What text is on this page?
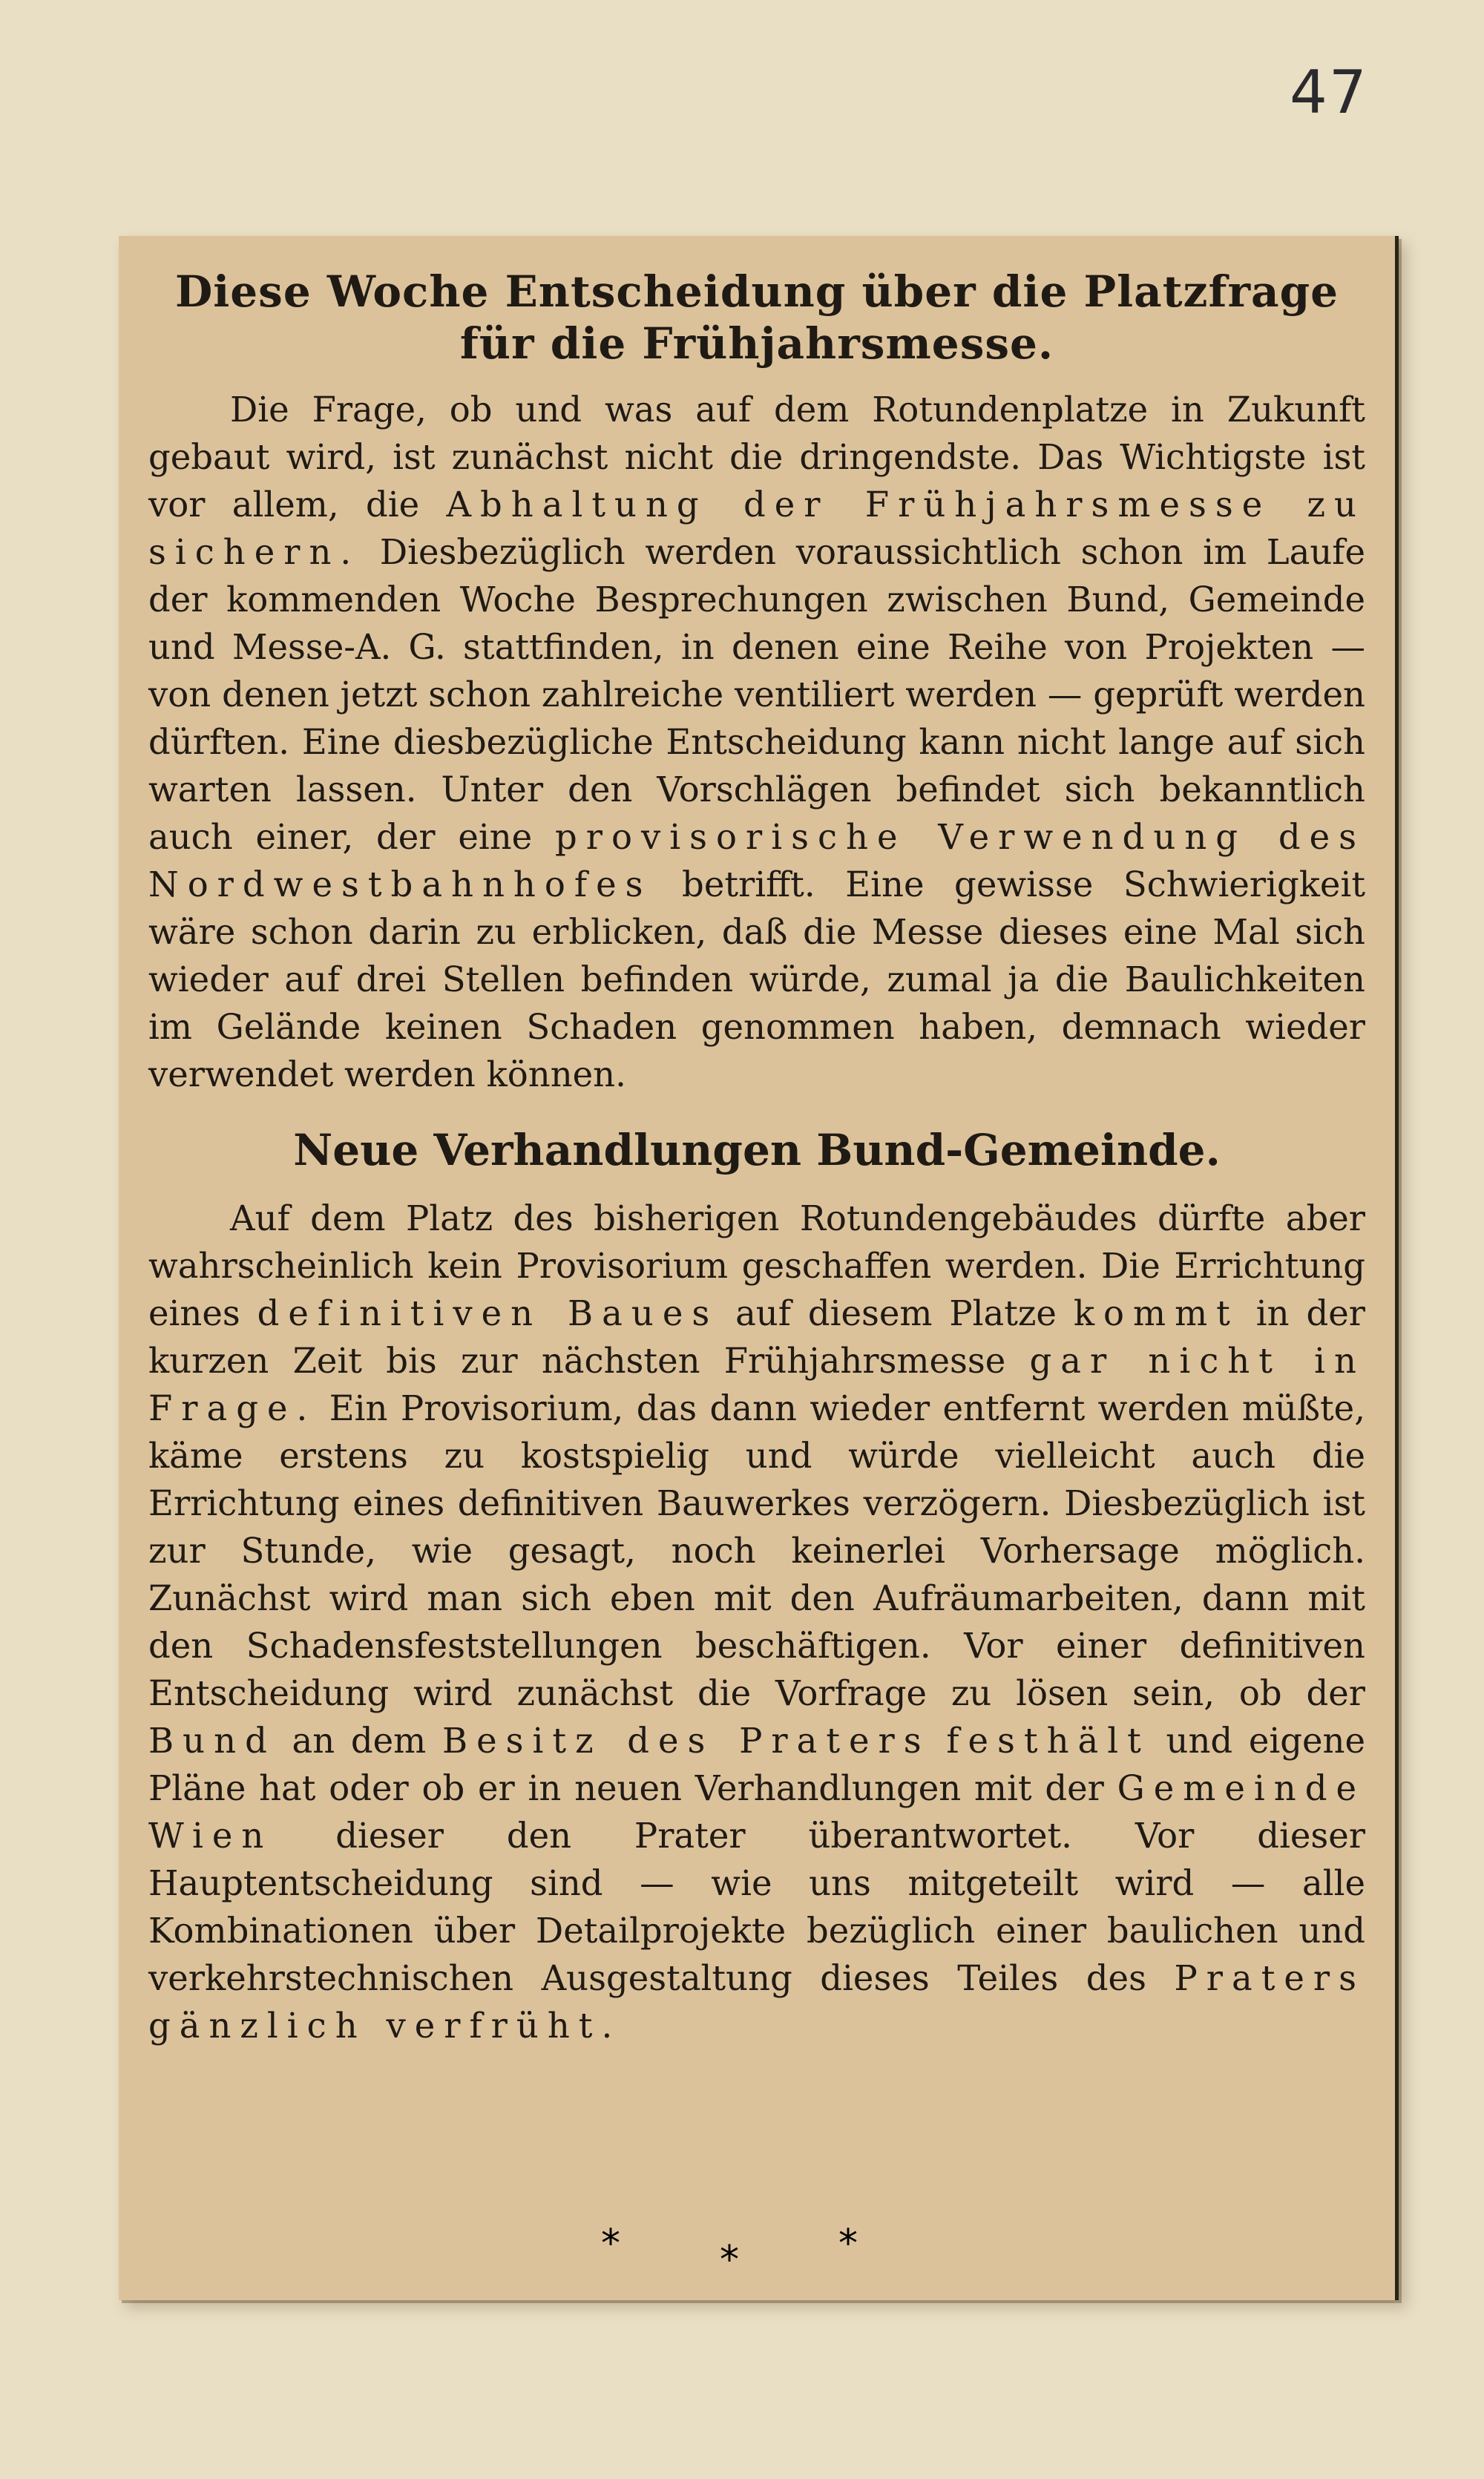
47
Diese Woche Entscheidung über die Platzfrage für die Frühjahrsmesse.

Die Frage, ob und was auf dem Rotundenplatze in Zukunft gebaut wird, ist zunächst nicht die dringendste. Das Wichtigste ist vor allem, die Abhaltung der Frühjahrsmesse zu sichern. Diesbezüglich werden voraussichtlich schon im Laufe der kommenden Woche Besprechungen zwischen Bund, Gemeinde und Messe-A. G. stattfinden, in denen eine Reihe von Projekten — von denen jetzt schon zahlreiche ventiliert werden — geprüft werden dürften. Eine diesbezügliche Entscheidung kann nicht lange auf sich warten lassen. Unter den Vorschlägen befindet sich bekanntlich auch einer, der eine provisorische Verwendung des Nordwestbahnhofes betrifft. Eine gewisse Schwierigkeit wäre schon darin zu erblicken, daß die Messe dieses eine Mal sich wieder auf drei Stellen befinden würde, zumal ja die Baulichkeiten im Gelände keinen Schaden genommen haben, demnach wieder verwendet werden können.

Neue Verhandlungen Bund-Gemeinde.

Auf dem Platz des bisherigen Rotundengebäudes dürfte aber wahrscheinlich kein Provisorium geschaffen werden. Die Errichtung eines definitiven Baues auf diesem Platze kommt in der kurzen Zeit bis zur nächsten Frühjahrsmesse gar nicht in Frage. Ein Provisorium, das dann wieder entfernt werden müßte, käme erstens zu kostspielig und würde vielleicht auch die Errichtung eines definitiven Bauwerkes verzögern. Diesbezüglich ist zur Stunde, wie gesagt, noch keinerlei Vorhersage möglich. Zunächst wird man sich eben mit den Aufräumarbeiten, dann mit den Schadensfeststellungen beschäftigen. Vor einer definitiven Entscheidung wird zunächst die Vorfrage zu lösen sein, ob der Bund an dem Besitz des Praters festhält und eigene Pläne hat oder ob er in neuen Verhandlungen mit der Gemeinde Wien dieser den Prater überantwortet. Vor dieser Hauptentscheidung sind — wie uns mitgeteilt wird — alle Kombinationen über Detailprojekte bezüglich einer baulichen und verkehrstechnischen Ausgestaltung dieses Teiles des Praters gänzlich verfrüht.

*	*	*
